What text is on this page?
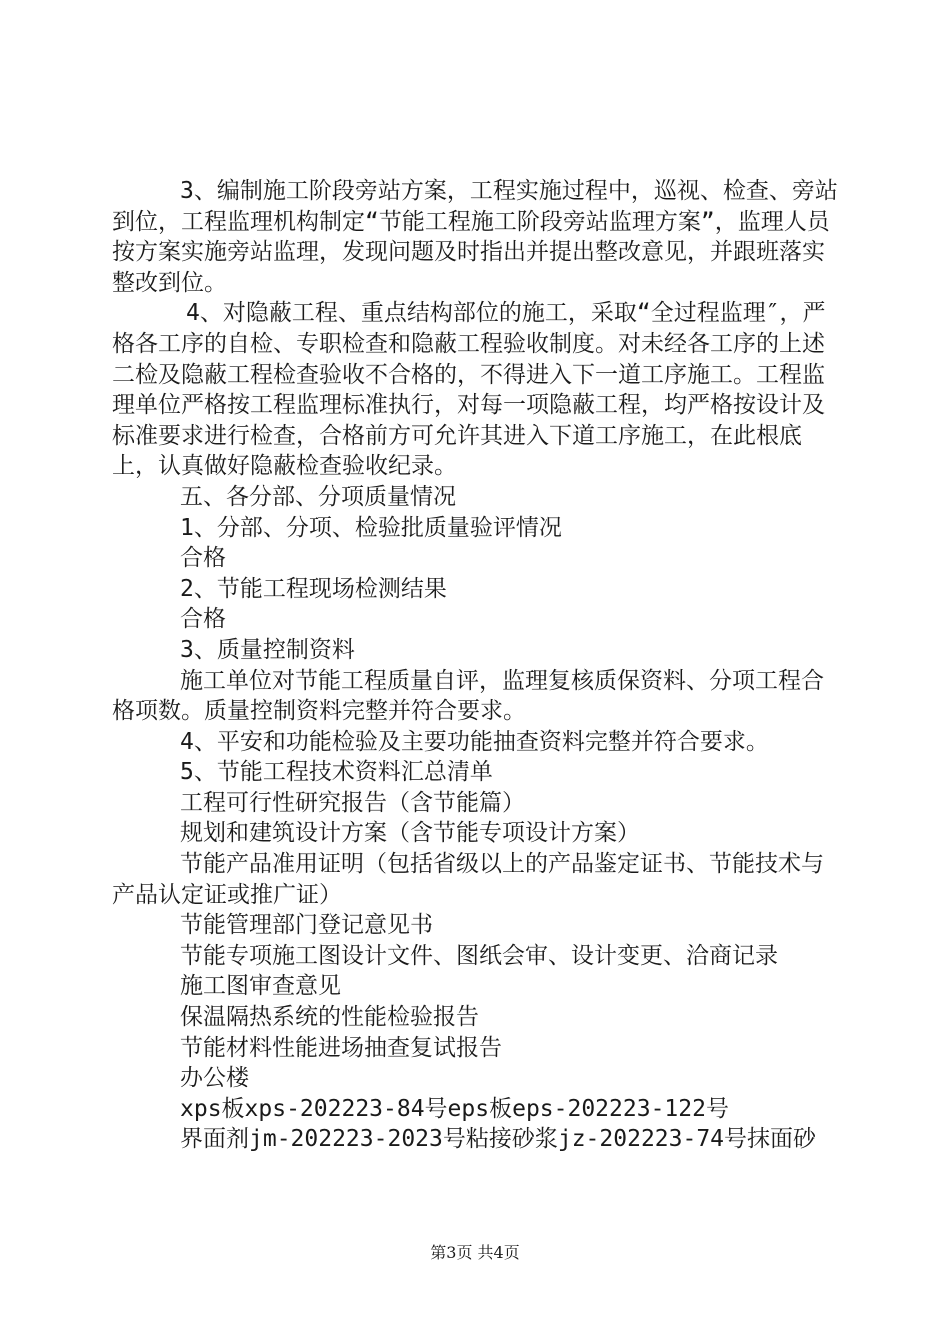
3、编制施工阶段旁站方案，工程实施过程中，巡视、检查、旁站到位，工程监理机构制定“节能工程施工阶段旁站监理方案”，监理人员按方案实施旁站监理，发现问题及时指出并提出整改意见，并跟班落实整改到位。

4、对隐蔽工程、重点结构部位的施工，采取“全过程监理″，严格各工序的自检、专职检查和隐蔽工程验收制度。对未经各工序的上述二检及隐蔽工程检查验收不合格的，不得进入下一道工序施工。工程监理单位严格按工程监理标准执行，对每一项隐蔽工程，均严格按设计及标准要求进行检查，合格前方可允许其进入下道工序施工，在此根底上，认真做好隐蔽检查验收纪录。

五、各分部、分项质量情况
1、分部、分项、检验批质量验评情况
合格
2、节能工程现场检测结果
合格
3、质量控制资料

施工单位对节能工程质量自评，监理复核质保资料、分项工程合格项数。质量控制资料完整并符合要求。

4、平安和功能检验及主要功能抽查资料完整并符合要求。
5、节能工程技术资料汇总清单
工程可行性研究报告（含节能篇）
规划和建筑设计方案（含节能专项设计方案）

节能产品准用证明（包括省级以上的产品鉴定证书、节能技术与产品认定证或推广证）

节能管理部门登记意见书
节能专项施工图设计文件、图纸会审、设计变更、洽商记录
施工图审查意见
保温隔热系统的性能检验报告
节能材料性能进场抽查复试报告
办公楼
xps板xps-202223-84号eps板eps-202223-122号
界面剂jm-202223-2023号粘接砂浆jz-202223-74号抹面砂
第3页 共4页
